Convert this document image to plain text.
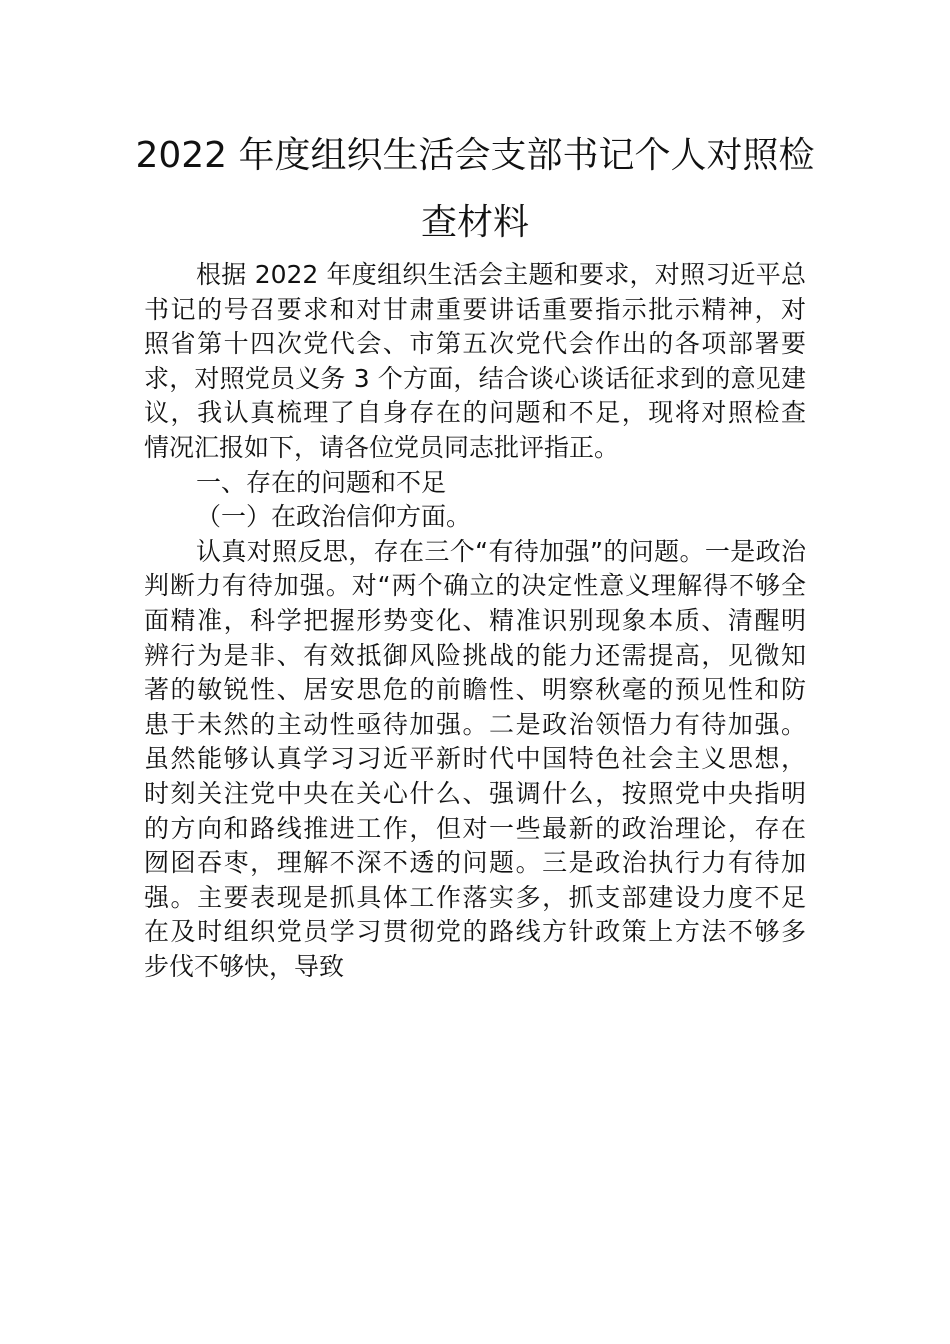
2022 年度组织生活会支部书记个人对照检
查材料
根据 2022 年度组织生活会主题和要求，对照习近平总
书记的号召要求和对甘肃重要讲话重要指示批示精神，对
照省第十四次党代会、市第五次党代会作出的各项部署要
求，对照党员义务 3 个方面，结合谈心谈话征求到的意见建
议，我认真梳理了自身存在的问题和不足，现将对照检查
情况汇报如下，请各位党员同志批评指正。
一、存在的问题和不足
（一）在政治信仰方面。
认真对照反思，存在三个“有待加强”的问题。一是政治
判断力有待加强。对“两个确立的决定性意义理解得不够全
面精准，科学把握形势变化、精准识别现象本质、清醒明
辨行为是非、有效抵御风险挑战的能力还需提高，见微知
著的敏锐性、居安思危的前瞻性、明察秋毫的预见性和防
患于未然的主动性亟待加强。二是政治领悟力有待加强。
虽然能够认真学习习近平新时代中国特色社会主义思想，
时刻关注党中央在关心什么、强调什么，按照党中央指明
的方向和路线推进工作，但对一些最新的政治理论，存在
囫囵吞枣，理解不深不透的问题。三是政治执行力有待加
强。主要表现是抓具体工作落实多，抓支部建设力度不足
在及时组织党员学习贯彻党的路线方针政策上方法不够多
步伐不够快，导致
